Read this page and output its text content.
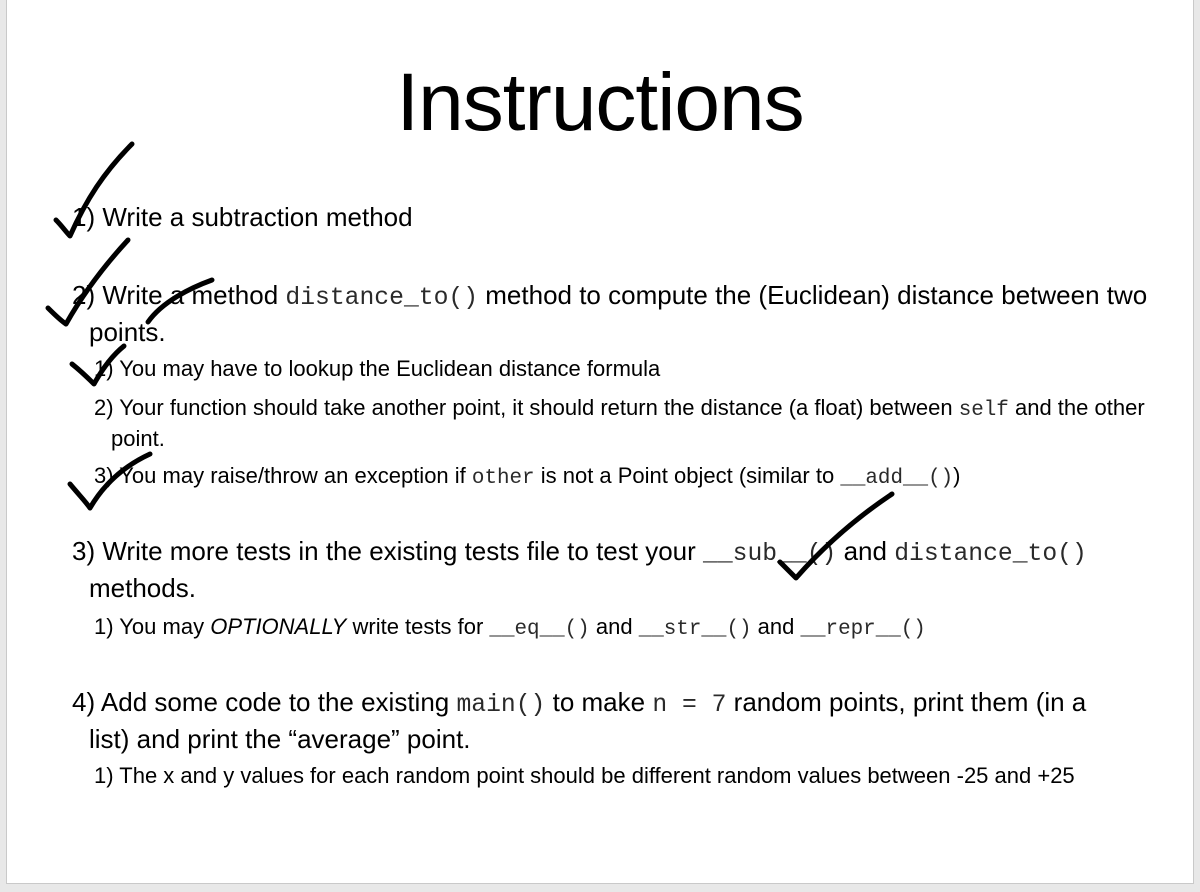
Instructions
1) Write a subtraction method
2) Write a method distance_to() method to compute the (Euclidean) distance between two points.
1) You may have to lookup the Euclidean distance formula
2) Your function should take another point, it should return the distance (a float) between self and the other point.
3) You may raise/throw an exception if other is not a Point object (similar to __add__())
3) Write more tests in the existing tests file to test your __sub__() and distance_to() methods.
1) You may OPTIONALLY write tests for __eq__() and __str__() and __repr__()
4) Add some code to the existing main() to make n = 7 random points, print them (in a list) and print the “average” point.
1) The x and y values for each random point should be different random values between -25 and +25
